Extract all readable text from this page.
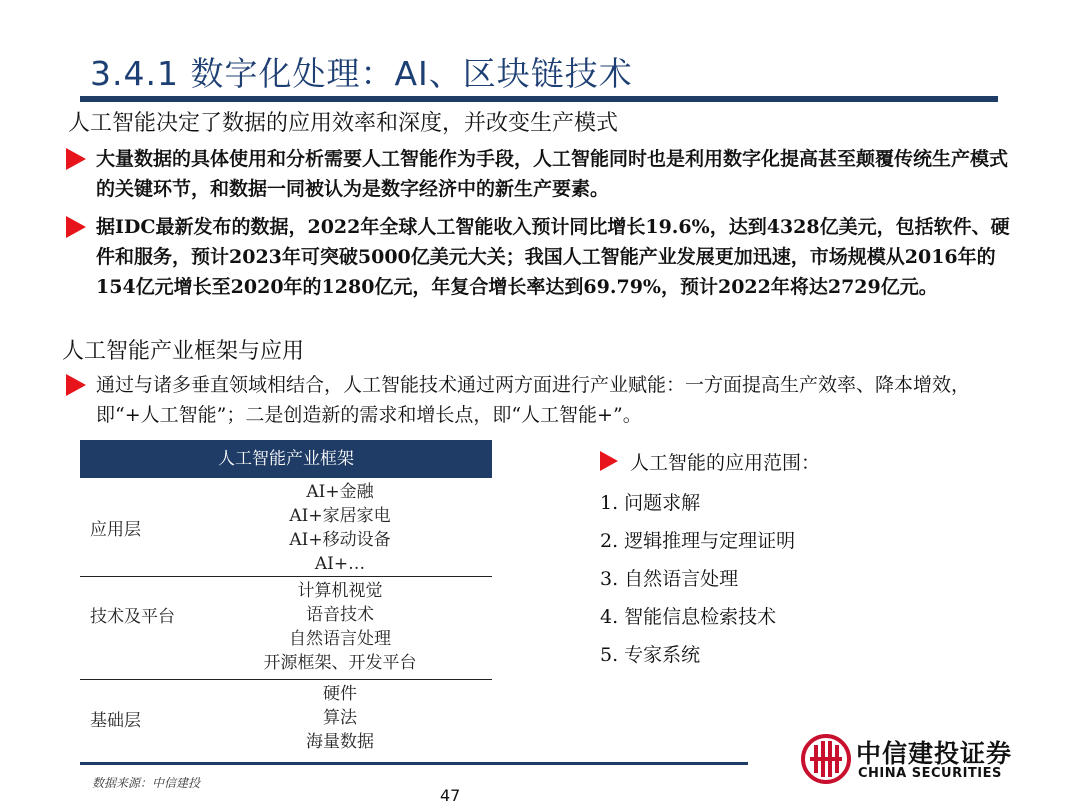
3.4.1 数字化处理：AI、区块链技术
人工智能决定了数据的应用效率和深度，并改变生产模式
大量数据的具体使用和分析需要人工智能作为手段，人工智能同时也是利用数字化提高甚至颠覆传统生产模式的关键环节，和数据一同被认为是数字经济中的新生产要素。
据IDC最新发布的数据，2022年全球人工智能收入预计同比增长19.6%，达到4328亿美元，包括软件、硬件和服务，预计2023年可突破5000亿美元大关；我国人工智能产业发展更加迅速，市场规模从2016年的154亿元增长至2020年的1280亿元，年复合增长率达到69.79%，预计2022年将达2729亿元。
人工智能产业框架与应用
通过与诸多垂直领域相结合，人工智能技术通过两方面进行产业赋能：一方面提高生产效率、降本增效，即“+人工智能”；二是创造新的需求和增长点，即“人工智能+”。
人工智能产业框架
应用层
AI+金融
AI+家居家电
AI+移动设备
AI+…
技术及平台
计算机视觉
语音技术
自然语言处理
开源框架、开发平台
基础层
硬件
算法
海量数据
人工智能的应用范围：
1. 问题求解
2. 逻辑推理与定理证明
3. 自然语言处理
4. 智能信息检索技术
5. 专家系统
数据来源：中信建投
47
中信建投证券
CHINA SECURITIES
